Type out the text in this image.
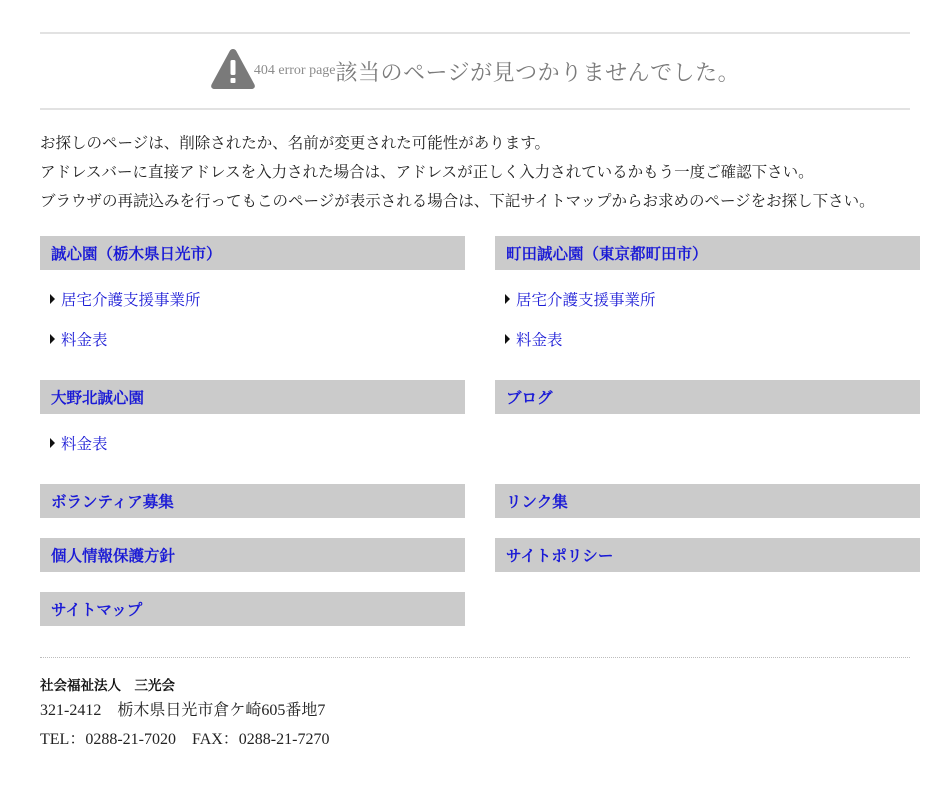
404 error page 該当のページが見つかりませんでした。

お探しのページは、削除されたか、名前が変更された可能性があります。

アドレスバーに直接アドレスを入力された場合は、アドレスが正しく入力されているかもう一度ご確認下さい。

ブラウザの再読込みを行ってもこのページが表示される場合は、下記サイトマップからお求めのページをお探し下さい。

誠心園（栃木県日光市）
居宅介護支援事業所
料金表
大野北誠心園
料金表
ボランティア募集
個人情報保護方針
サイトマップ
町田誠心園（東京都町田市）
居宅介護支援事業所
料金表
ブログ
リンク集
サイトポリシー
社会福祉法人　三光会
321-2412　栃木県日光市倉ケ崎605番地7
TEL：0288-21-7020　FAX：0288-21-7270
